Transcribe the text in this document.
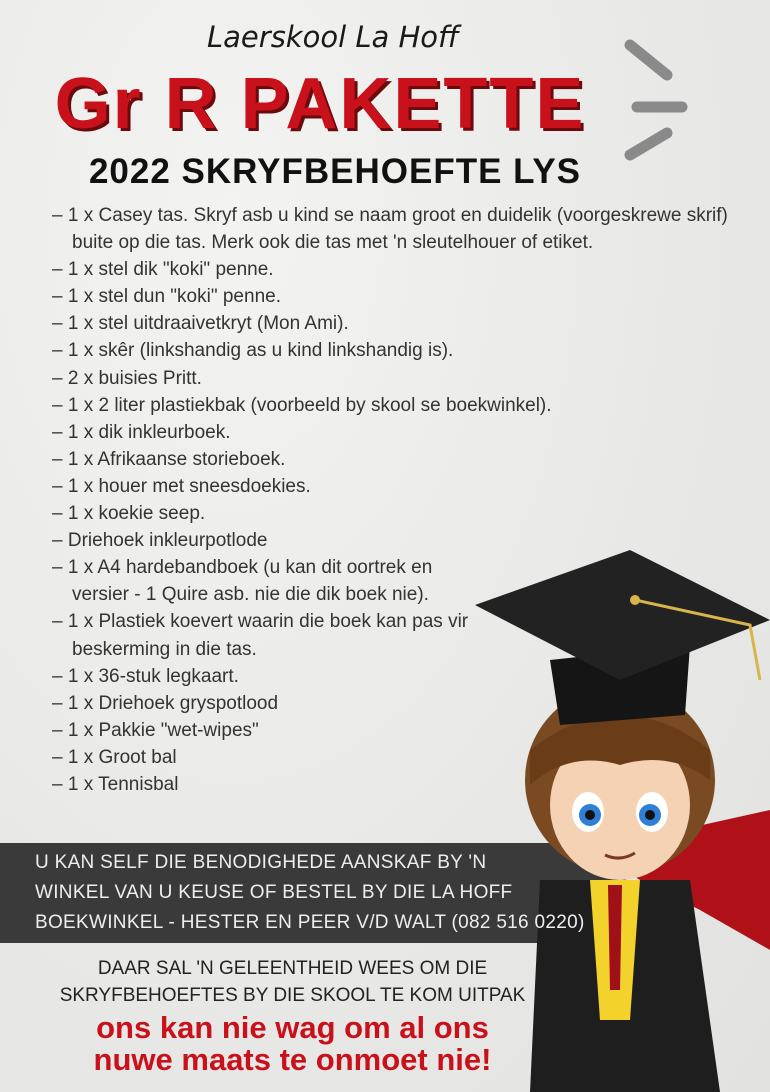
Laerskool La Hoff
Gr R PAKETTE
2022 SKRYFBEHOEFTE LYS
– 1 x Casey tas. Skryf asb u kind se naam groot en duidelik (voorgeskrewe skrif) buite op die tas. Merk ook die tas met 'n sleutelhouer of etiket.
– 1 x stel dik "koki" penne.
– 1 x stel dun "koki" penne.
– 1 x stel uitdraaivetkryt (Mon Ami).
– 1 x skêr (linkshandig as u kind linkshandig is).
– 2 x buisies Pritt.
– 1 x 2 liter plastiekbak (voorbeeld by skool se boekwinkel).
– 1 x dik inkleurboek.
– 1 x Afrikaanse storieboek.
– 1 x houer met sneesdoekies.
– 1 x koekie seep.
– Driehoek inkleurpotlode
– 1 x A4 hardebandboek (u kan dit oortrek en versier - 1 Quire asb. nie die dik boek nie).
– 1 x Plastiek koevert waarin die boek kan pas vir beskerming in die tas.
– 1 x 36-stuk legkaart.
– 1 x Driehoek gryspotlood
– 1 x Pakkie "wet-wipes"
– 1 x Groot bal
– 1 x Tennisbal
U KAN SELF DIE BENODIGHEDE AANSKAF BY 'N
WINKEL VAN U KEUSE OF BESTEL BY DIE LA HOFF
BOEKWINKEL - HESTER EN PEER V/D WALT (082 516 0220)
DAAR SAL 'N GELEENTHEID WEES OM DIE
SKRYFBEHOEFTES BY DIE SKOOL TE KOM UITPAK
ons kan nie wag om al ons
nuwe maats te onmoet nie!
